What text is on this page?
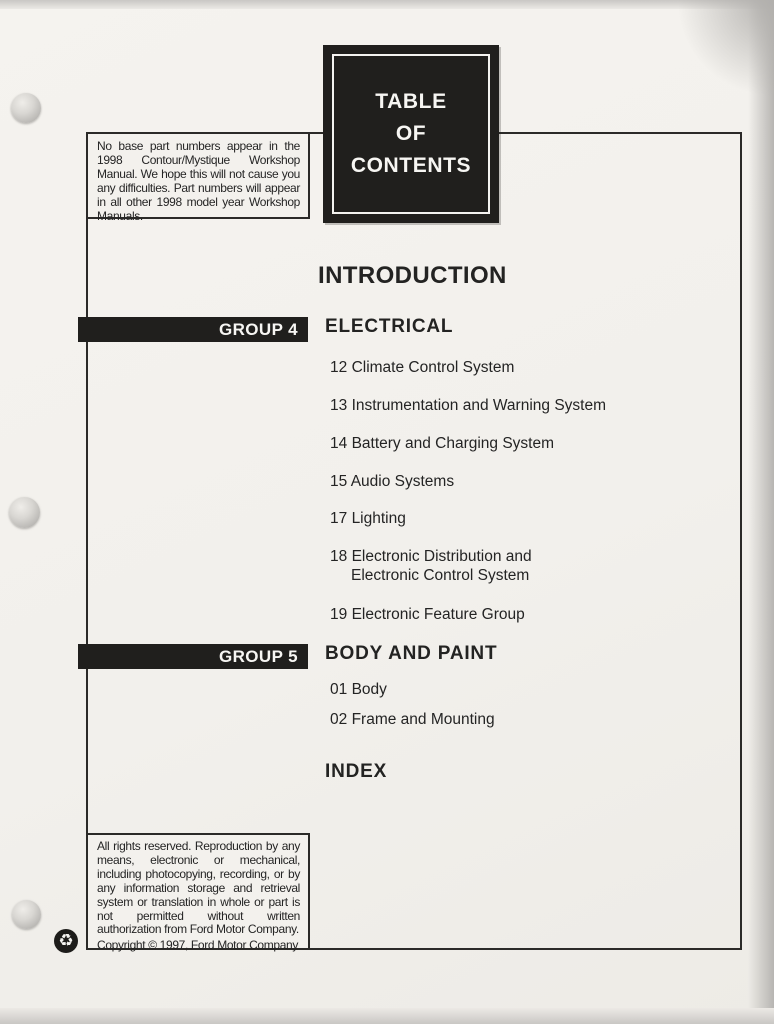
No base part numbers appear in the 1998 Contour/Mystique Workshop Manual. We hope this will not cause you any difficulties. Part numbers will appear in all other 1998 model year Workshop Manuals.

TABLE
OF
CONTENTS
INTRODUCTION
GROUP 4 ELECTRICAL
12 Climate Control System
13 Instrumentation and Warning System
14 Battery and Charging System
15 Audio Systems
17 Lighting
18 Electronic Distribution and Electronic Control System
19 Electronic Feature Group
GROUP 5 BODY AND PAINT
01 Body
02 Frame and Mounting
INDEX

All rights reserved. Reproduction by any means, electronic or mechanical, including photocopying, recording, or by any information storage and retrieval system or translation in whole or part is not permitted without written authorization from Ford Motor Company.

Copyright © 1997, Ford Motor Company

♻
